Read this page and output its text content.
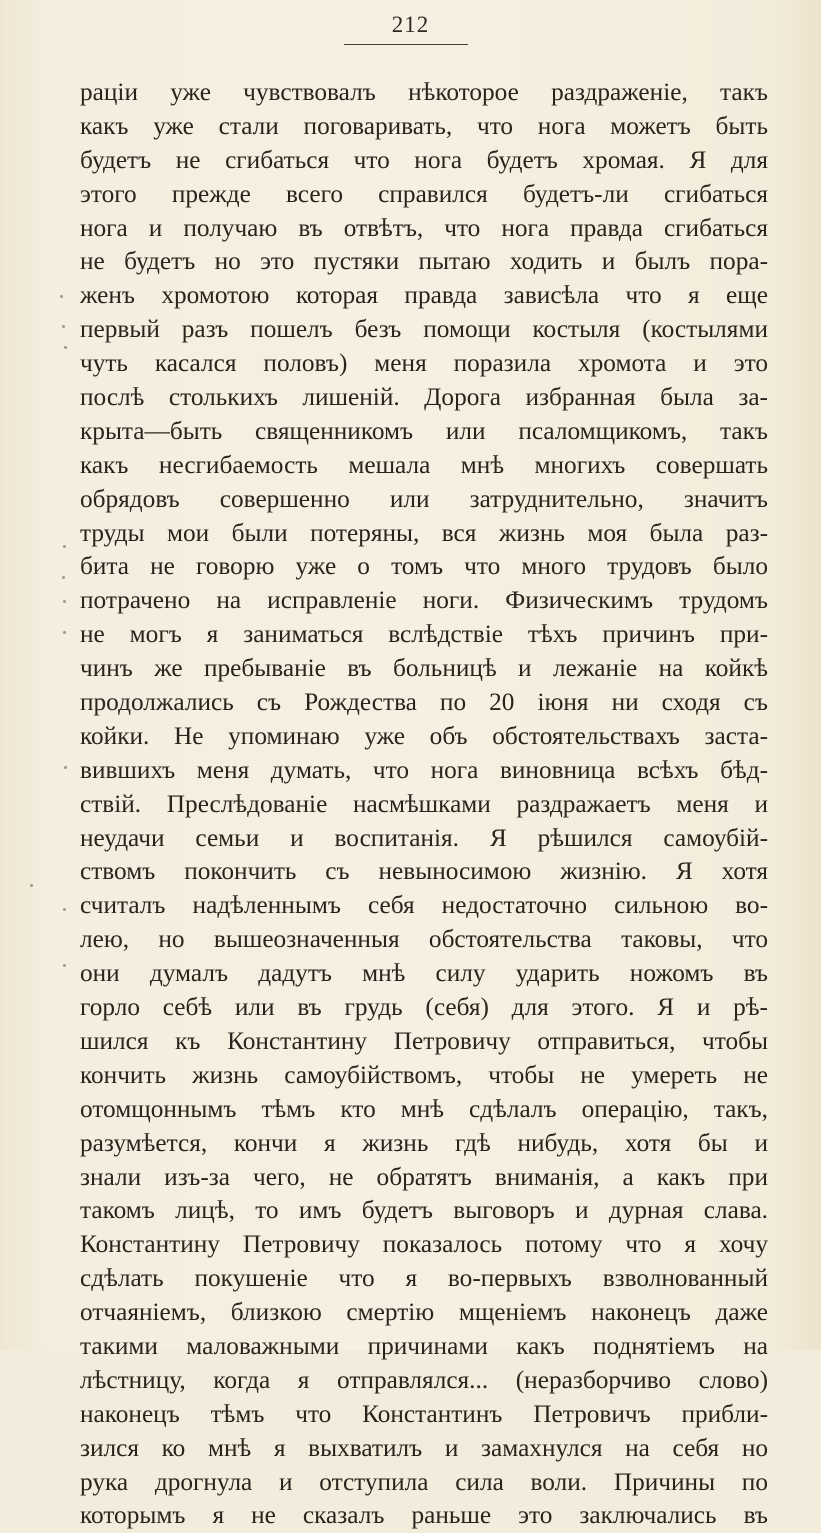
212
раціи уже чувствовалъ нѣкоторое раздраженіе, такъ
какъ уже стали поговаривать, что нога можетъ быть
будетъ не сгибаться что нога будетъ хромая. Я для
этого прежде всего справился будетъ-ли сгибаться
нога и получаю въ отвѣтъ, что нога правда сгибаться
не будетъ но это пустяки пытаю ходить и былъ пора-
женъ хромотою которая правда зависѣла что я еще
первый разъ пошелъ безъ помощи костыля (костылями
чуть касался половъ) меня поразила хромота и это
послѣ столькихъ лишеній. Дорога избранная была за-
крыта—быть священникомъ или псаломщикомъ, такъ
какъ несгибаемость мешала мнѣ многихъ совершать
обрядовъ совершенно или затруднительно, значитъ
труды мои были потеряны, вся жизнь моя была раз-
бита не говорю уже о томъ что много трудовъ было
потрачено на исправленіе ноги. Физическимъ трудомъ
не могъ я заниматься вслѣдствіе тѣхъ причинъ при-
чинъ же пребываніе въ больницѣ и лежаніе на койкѣ
продолжались съ Рождества по 20 іюня ни сходя съ
койки. Не упоминаю уже объ обстоятельствахъ заста-
вившихъ меня думать, что нога виновница всѣхъ бѣд-
ствій. Преслѣдованіе насмѣшками раздражаетъ меня и
неудачи семьи и воспитанія. Я рѣшился самоубій-
ствомъ покончить съ невыносимою жизнію. Я хотя
считалъ надѣленнымъ себя недостаточно сильною во-
лею, но вышеозначенныя обстоятельства таковы, что
они думалъ дадутъ мнѣ силу ударить ножомъ въ
горло себѣ или въ грудь (себя) для этого. Я и рѣ-
шился къ Константину Петровичу отправиться, чтобы
кончить жизнь самоубійствомъ, чтобы не умереть не
отомщоннымъ тѣмъ кто мнѣ сдѣлалъ операцію, такъ,
разумѣется, кончи я жизнь гдѣ нибудь, хотя бы и
знали изъ-за чего, не обратятъ вниманія, а какъ при
такомъ лицѣ, то имъ будетъ выговоръ и дурная слава.
Константину Петровичу показалось потому что я хочу
сдѣлать покушеніе что я во-первыхъ взволнованный
отчаяніемъ, близкою смертію мщеніемъ наконецъ даже
такими маловажными причинами какъ поднятіемъ на
лѣстницу, когда я отправлялся... (неразборчиво слово)
наконецъ тѣмъ что Константинъ Петровичъ прибли-
зился ко мнѣ я выхватилъ и замахнулся на себя но
рука дрогнула и отступила сила воли. Причины по
которымъ я не сказалъ раньше это заключались въ
